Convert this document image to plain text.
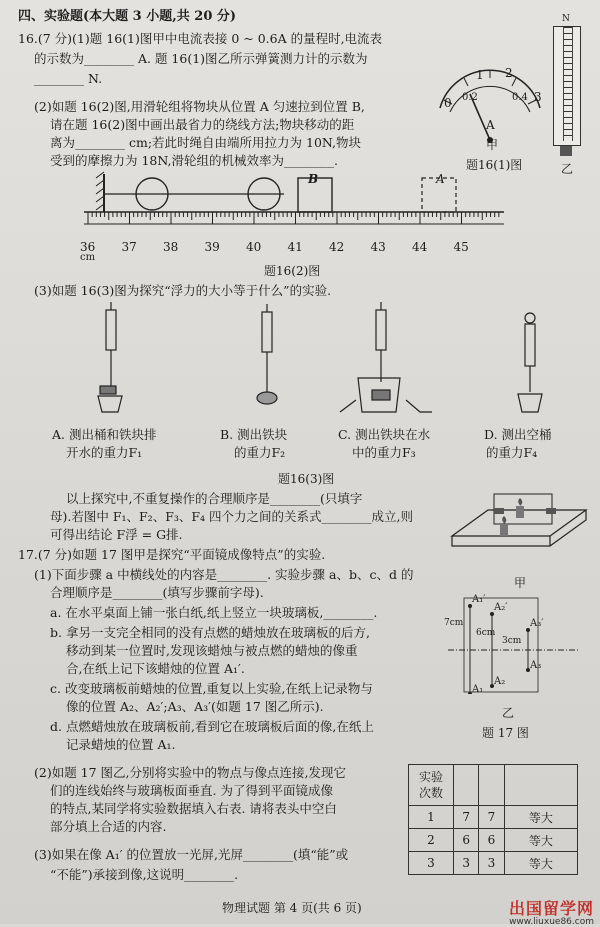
四、实验题(本大题 3 小题,共 20 分)
16.(7 分)(1)题 16(1)图甲中电流表接 0 ~ 0.6A 的量程时,电流表
的示数为________ A. 题 16(1)图乙所示弹簧测力计的示数为
________ N.	1 2
3
0 0.2	0.4
A
甲
题16(1)图
N
乙
(2)如题 16(2)图,用滑轮组将物块从位置 A 匀速拉到位置 B,
请在题 16(2)图中画出最省力的绕线方法;物块移动的距
离为________ cm;若此时绳自由端所用拉力为 10N,物块
受到的摩擦力为 18N,滑轮组的机械效率为________.
B	A
36 37 38 39 40 41 42 43 44 45
cm
题16(2)图
(3)如题 16(3)图为探究“浮力的大小等于什么”的实验.
A. 测出桶和铁块排
开水的重力F₁
B. 测出铁块
的重力F₂
C. 测出铁块在水
中的重力F₃
D. 测出空桶
的重力F₄
题16(3)图
以上探究中,不重复操作的合理顺序是________(只填字
母).若图中 F₁、F₂、F₃、F₄ 四个力之间的关系式________成立,则
可得出结论 F浮 = G排.
甲
17.(7 分)如题 17 图甲是探究“平面镜成像特点”的实验.
(1)下面步骤 a 中横线处的内容是________. 实验步骤 a、b、c、d 的
合理顺序是________(填写步骤前字母).
a. 在水平桌面上铺一张白纸,纸上竖立一块玻璃板,________.
b. 拿另一支完全相同的没有点燃的蜡烛放在玻璃板的后方,
移动到某一位置时,发现该蜡烛与被点燃的蜡烛的像重
合,在纸上记下该蜡烛的位置 A₁′.
c. 改变玻璃板前蜡烛的位置,重复以上实验,在纸上记录物与
像的位置 A₂、A₂′;A₃、A₃′(如题 17 图乙所示).
d. 点燃蜡烛放在玻璃板前,看到它在玻璃板后面的像,在纸上
记录蜡烛的位置 A₁.
A₁′
A₂′
A₃′
A₁
A₂
A₃
7cm
6cm
3cm
乙
题 17 图
(2)如题 17 图乙,分别将实验中的物点与像点连接,发现它
们的连线始终与玻璃板面垂直. 为了得到平面镜成像
的特点,某同学将实验数据填入右表. 请将表头中空白
部分填上合适的内容.
(3)如果在像 A₁′ 的位置放一光屏,光屏________(填“能”或
“不能”)承接到像,这说明________.
实验
次数			
1	7	7	等大
2	6	6	等大
3	3	3	等大
物理试题 第 4 页(共 6 页)	出国留学网
www.liuxue86.com
